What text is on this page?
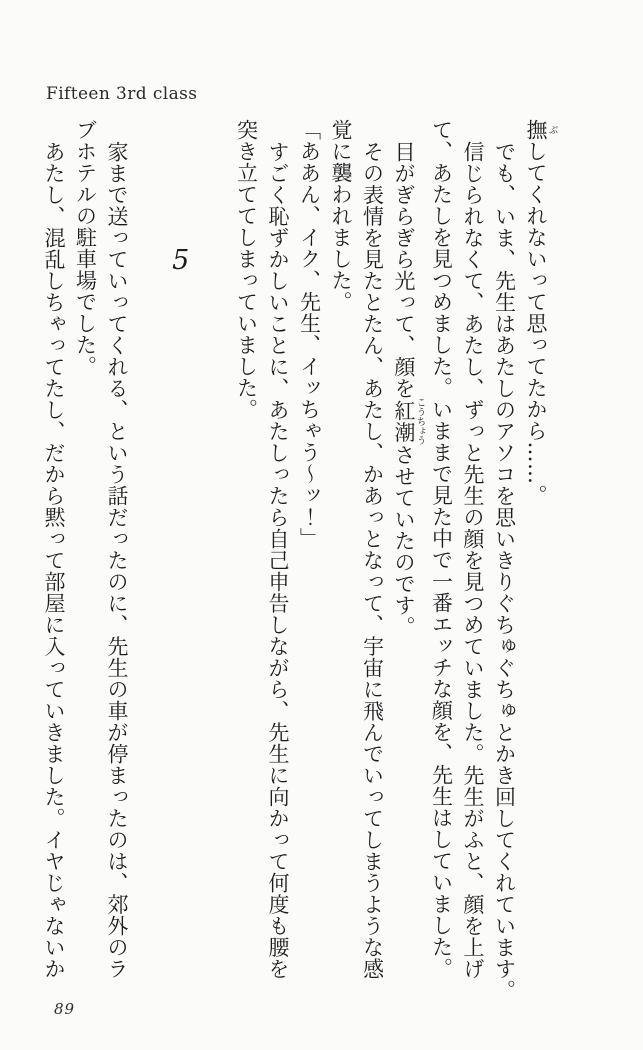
Fifteen 3rd class

撫ぶしてくれないって思ってたから……。

でも、いま、先生はあたしのアソコを思いきりぐちゅぐちゅとかき回してくれています。

信じられなくて、あたし、ずっと先生の顔を見つめていました。先生がふと、顔を上げ

て、あたしを見つめました。いままで見た中で一番エッチな顔を、先生はしていました。

目がぎらぎら光って、顔を紅潮こうちょうさせていたのです。

その表情を見たとたん、あたし、かあっとなって、宇宙に飛んでいってしまうような感

覚に襲われました。

「ああん、イク、先生、イッちゃう〜ッ！」

すごく恥ずかしいことに、あたしったら自己申告しながら、先生に向かって何度も腰を

突き立ててしまっていました。

5

家まで送っていってくれる、という話だったのに、先生の車が停まったのは、郊外のラ

ブホテルの駐車場でした。

あたし、混乱しちゃってたし、だから黙って部屋に入っていきました。イヤじゃないか

89
